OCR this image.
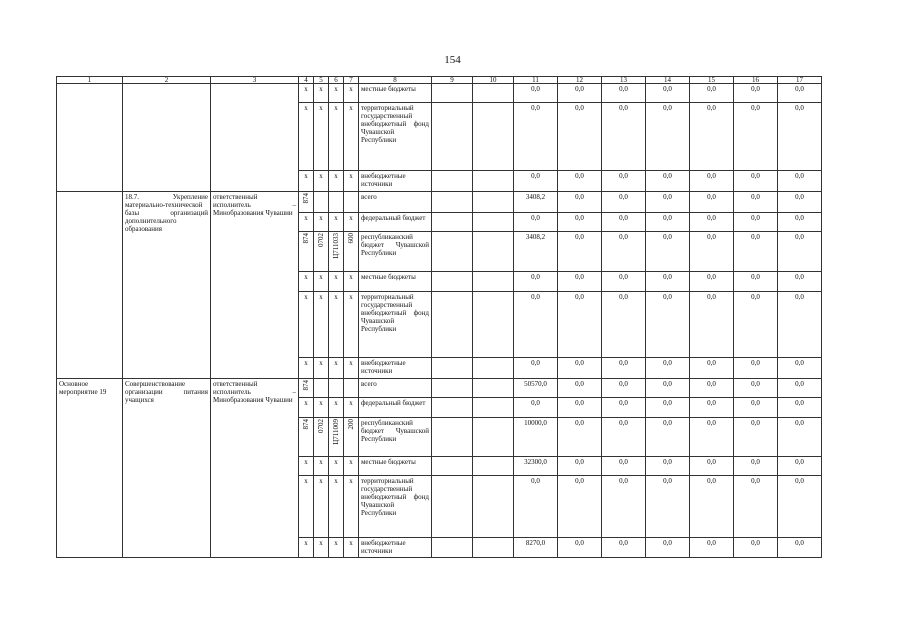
154
1	2	3	4	5	6	7	8	9	10	11	12	13	14	15	16	17
			x	x	x	x	местные бюджеты			0,0	0,0	0,0	0,0	0,0	0,0	0,0
			x	x	x	x	территориальный государственный внебюджетный фонд Чувашской Республики			0,0	0,0	0,0	0,0	0,0	0,0	0,0
			x	x	x	x	внебюджетные источники			0,0	0,0	0,0	0,0	0,0	0,0	0,0
	18.7. Укрепление материально-технической базы организаций дополнительного образования	ответственный исполнитель – Минобразования Чувашии	874				всего			3408,2	0,0	0,0	0,0	0,0	0,0	0,0
			x	x	x	x	федеральный бюджет			0,0	0,0	0,0	0,0	0,0	0,0	0,0
			874	0702	Ц711033	600	республиканский бюджет Чувашской Республики			3408,2	0,0	0,0	0,0	0,0	0,0	0,0
			x	x	x	x	местные бюджеты			0,0	0,0	0,0	0,0	0,0	0,0	0,0
			x	x	x	x	территориальный государственный внебюджетный фонд Чувашской Республики			0,0	0,0	0,0	0,0	0,0	0,0	0,0
			x	x	x	x	внебюджетные источники			0,0	0,0	0,0	0,0	0,0	0,0	0,0
Основное мероприятие 19	Совершенствование организации питания учащихся	ответственный исполнитель – Минобразования Чувашии	874				всего			50570,0	0,0	0,0	0,0	0,0	0,0	0,0
			x	x	x	x	федеральный бюджет			0,0	0,0	0,0	0,0	0,0	0,0	0,0
			874	0702	Ц711009	200	республиканский бюджет Чувашской Республики			10000,0	0,0	0,0	0,0	0,0	0,0	0,0
			x	x	x	x	местные бюджеты			32300,0	0,0	0,0	0,0	0,0	0,0	0,0
			x	x	x	x	территориальный государственный внебюджетный фонд Чувашской Республики			0,0	0,0	0,0	0,0	0,0	0,0	0,0
			x	x	x	x	внебюджетные источники			8270,0	0,0	0,0	0,0	0,0	0,0	0,0
